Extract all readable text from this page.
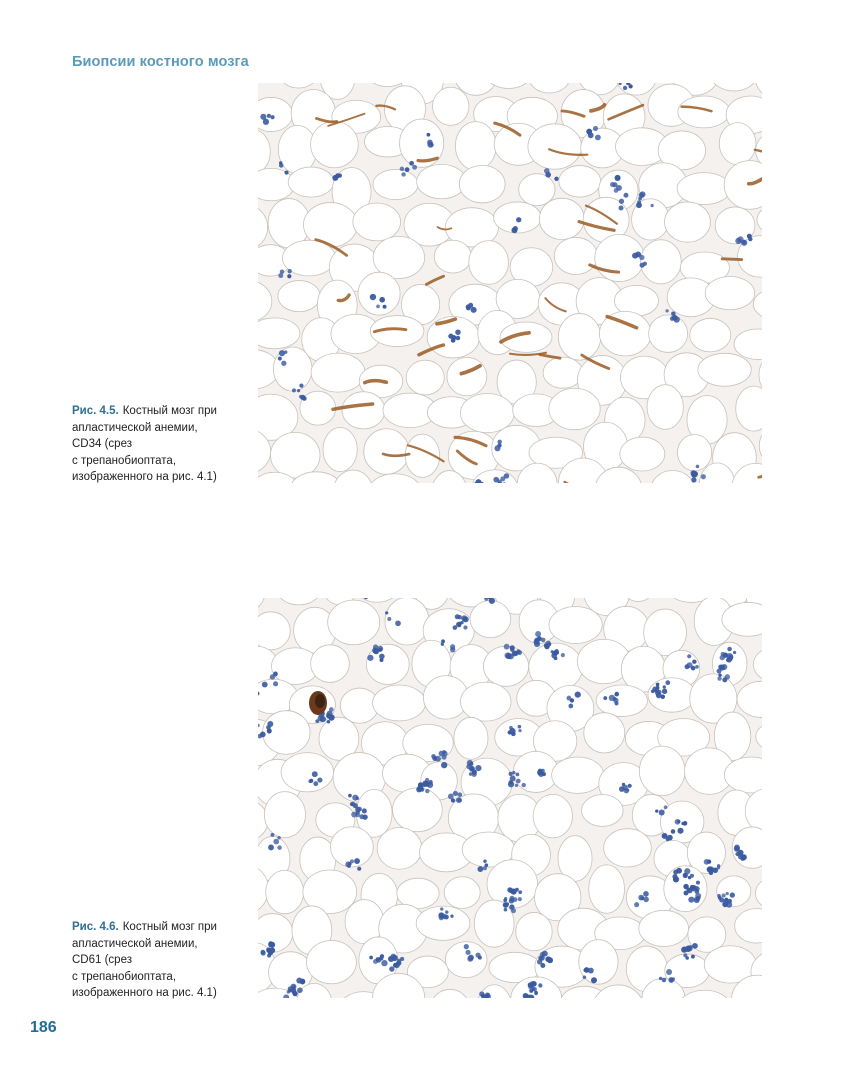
Биопсии костного мозга
Рис. 4.5. Костный мозг при
апластической анемии,
CD34 (срез
с трепанобиоптата,
изображенного на рис. 4.1)
Рис. 4.6. Костный мозг при
апластической анемии,
CD61 (срез
с трепанобиоптата,
изображенного на рис. 4.1)
186
